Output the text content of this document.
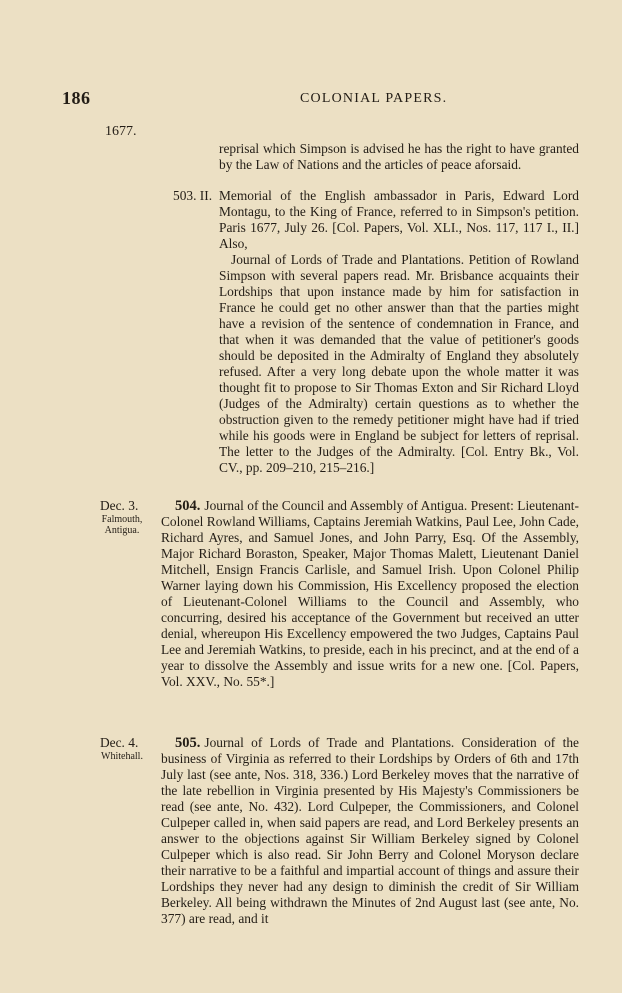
186	COLONIAL PAPERS.
1677.
reprisal which Simpson is advised he has the right to have granted by the Law of Nations and the articles of peace aforsaid.
503. II. Memorial of the English ambassador in Paris, Edward Lord Montagu, to the King of France, referred to in Simpson's petition. Paris 1677, July 26. [Col. Papers, Vol. XLI., Nos. 117, 117 I., II.] Also,
Journal of Lords of Trade and Plantations. Petition of Rowland Simpson with several papers read. Mr. Brisbance acquaints their Lordships that upon instance made by him for satisfaction in France he could get no other answer than that the parties might have a revision of the sentence of condemnation in France, and that when it was demanded that the value of petitioner's goods should be deposited in the Admiralty of England they absolutely refused. After a very long debate upon the whole matter it was thought fit to propose to Sir Thomas Exton and Sir Richard Lloyd (Judges of the Admiralty) certain questions as to whether the obstruction given to the remedy petitioner might have had if tried while his goods were in England be subject for letters of reprisal. The letter to the Judges of the Admiralty. [Col. Entry Bk., Vol. CV., pp. 209–210, 215–216.]
Dec. 3.
Falmouth, Antigua.
504. Journal of the Council and Assembly of Antigua. Present: Lieutenant-Colonel Rowland Williams, Captains Jeremiah Watkins, Paul Lee, John Cade, Richard Ayres, and Samuel Jones, and John Parry, Esq. Of the Assembly, Major Richard Boraston, Speaker, Major Thomas Malett, Lieutenant Daniel Mitchell, Ensign Francis Carlisle, and Samuel Irish. Upon Colonel Philip Warner laying down his Commission, His Excellency proposed the election of Lieutenant-Colonel Williams to the Council and Assembly, who concurring, desired his acceptance of the Government but received an utter denial, whereupon His Excellency empowered the two Judges, Captains Paul Lee and Jeremiah Watkins, to preside, each in his precinct, and at the end of a year to dissolve the Assembly and issue writs for a new one. [Col. Papers, Vol. XXV., No. 55*.]
Dec. 4.
Whitehall.
505. Journal of Lords of Trade and Plantations. Consideration of the business of Virginia as referred to their Lordships by Orders of 6th and 17th July last (see ante, Nos. 318, 336.) Lord Berkeley moves that the narrative of the late rebellion in Virginia presented by His Majesty's Commissioners be read (see ante, No. 432). Lord Culpeper, the Commissioners, and Colonel Culpeper called in, when said papers are read, and Lord Berkeley presents an answer to the objections against Sir William Berkeley signed by Colonel Culpeper which is also read. Sir John Berry and Colonel Moryson declare their narrative to be a faithful and impartial account of things and assure their Lordships they never had any design to diminish the credit of Sir William Berkeley. All being withdrawn the Minutes of 2nd August last (see ante, No. 377) are read, and it
